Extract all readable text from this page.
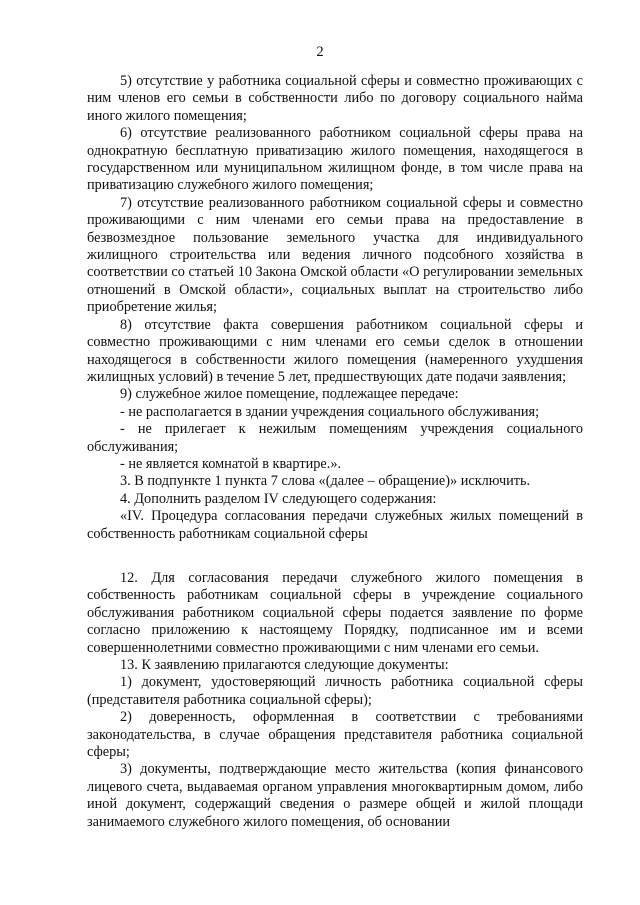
2

5) отсутствие у работника социальной сферы и совместно проживающих с ним членов его семьи в собственности либо по договору социального найма иного жилого помещения;

6) отсутствие реализованного работником социальной сферы права на однократную бесплатную приватизацию жилого помещения, находящегося в государственном или муниципальном жилищном фонде, в том числе права на приватизацию служебного жилого помещения;

7) отсутствие реализованного работником социальной сферы и совместно проживающими с ним членами его семьи права на предоставление в безвозмездное пользование земельного участка для индивидуального жилищного строительства или ведения личного подсобного хозяйства в соответствии со статьей 10 Закона Омской области «О регулировании земельных отношений в Омской области», социальных выплат на строительство либо приобретение жилья;

8) отсутствие факта совершения работником социальной сферы и совместно проживающими с ним членами его семьи сделок в отношении находящегося в собственности жилого помещения (намеренного ухудшения жилищных условий) в течение 5 лет, предшествующих дате подачи заявления;

9) служебное жилое помещение, подлежащее передаче:

- не располагается в здании учреждения социального обслуживания;

- не прилегает к нежилым помещениям учреждения социального обслуживания;

- не является комнатой в квартире.».

3. В подпункте 1 пункта 7 слова «(далее – обращение)» исключить.

4. Дополнить разделом IV следующего содержания:

«IV. Процедура согласования передачи служебных жилых помещений в собственность работникам социальной сферы

12. Для согласования передачи служебного жилого помещения в собственность работникам социальной сферы в учреждение социального обслуживания работником социальной сферы подается заявление по форме согласно приложению к настоящему Порядку, подписанное им и всеми совершеннолетними совместно проживающими с ним членами его семьи.

13. К заявлению прилагаются следующие документы:

1) документ, удостоверяющий личность работника социальной сферы (представителя работника социальной сферы);

2) доверенность, оформленная в соответствии с требованиями законодательства, в случае обращения представителя работника социальной сферы;

3) документы, подтверждающие место жительства (копия финансового лицевого счета, выдаваемая органом управления многоквартирным домом, либо иной документ, содержащий сведения о размере общей и жилой площади занимаемого служебного жилого помещения, об основании
